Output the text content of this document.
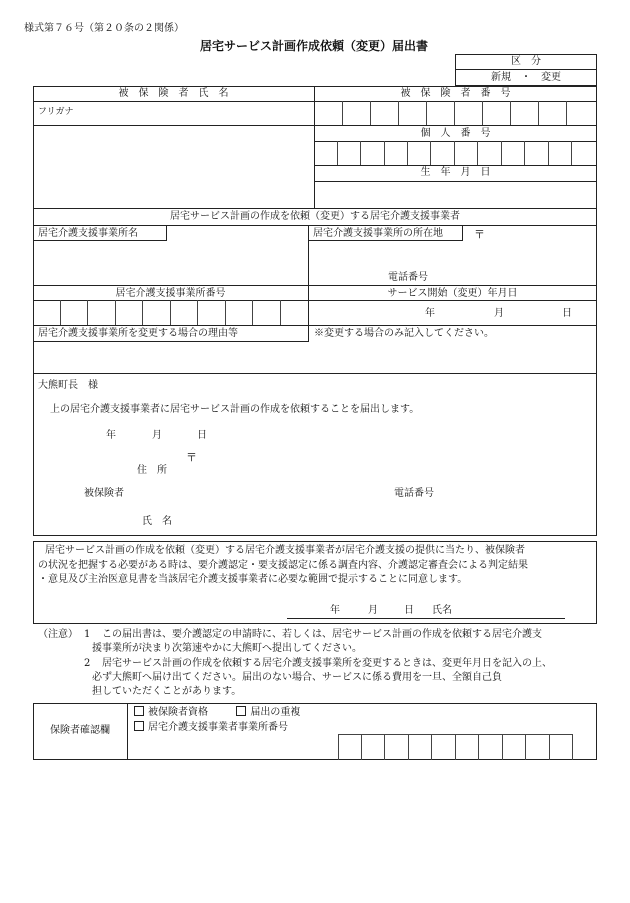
様式第７６号（第２０条の２関係）
居宅サービス計画作成依頼（変更）届出書
区　分
新規　・　変更
被　保　険　者　氏　名	被　保　険　者　番　号
フリガナ
個　人　番　号
生　年　月　日
居宅サービス計画の作成を依頼（変更）する居宅介護支援事業者
居宅介護支援事業所名	居宅介護支援事業所の所在地	〒
電話番号
居宅介護支援事業所番号	サービス開始（変更）年月日
年	月	日
居宅介護支援事業所を変更する場合の理由等	※変更する場合のみ記入してください。
大熊町長　様
上の居宅介護支援事業者に居宅サービス計画の作成を依頼することを届出します。
年	月	日
〒
住　所
被保険者	電話番号
氏　名
居宅サービス計画の作成を依頼（変更）する居宅介護支援事業者が居宅介護支援の提供に当たり、被保険者
の状況を把握する必要がある時は、要介護認定・要支援認定に係る調査内容、介護認定審査会による判定結果
・意見及び主治医意見書を当該居宅介護支援事業者に必要な範囲で提示することに同意します。
年	月	日 氏名
（注意） 1 この届出書は、要介護認定の申請時に、若しくは、居宅サービス計画の作成を依頼する居宅介護支
援事業所が決まり次第速やかに大熊町へ提出してください。
2 居宅サービス計画の作成を依頼する居宅介護支援事業所を変更するときは、変更年月日を記入の上、
必ず大熊町へ届け出てください。届出のない場合、サービスに係る費用を一旦、全額自己負
担していただくことがあります。
保険者確認欄
被保険者資格	届出の重複
居宅介護支援事業者事業所番号
